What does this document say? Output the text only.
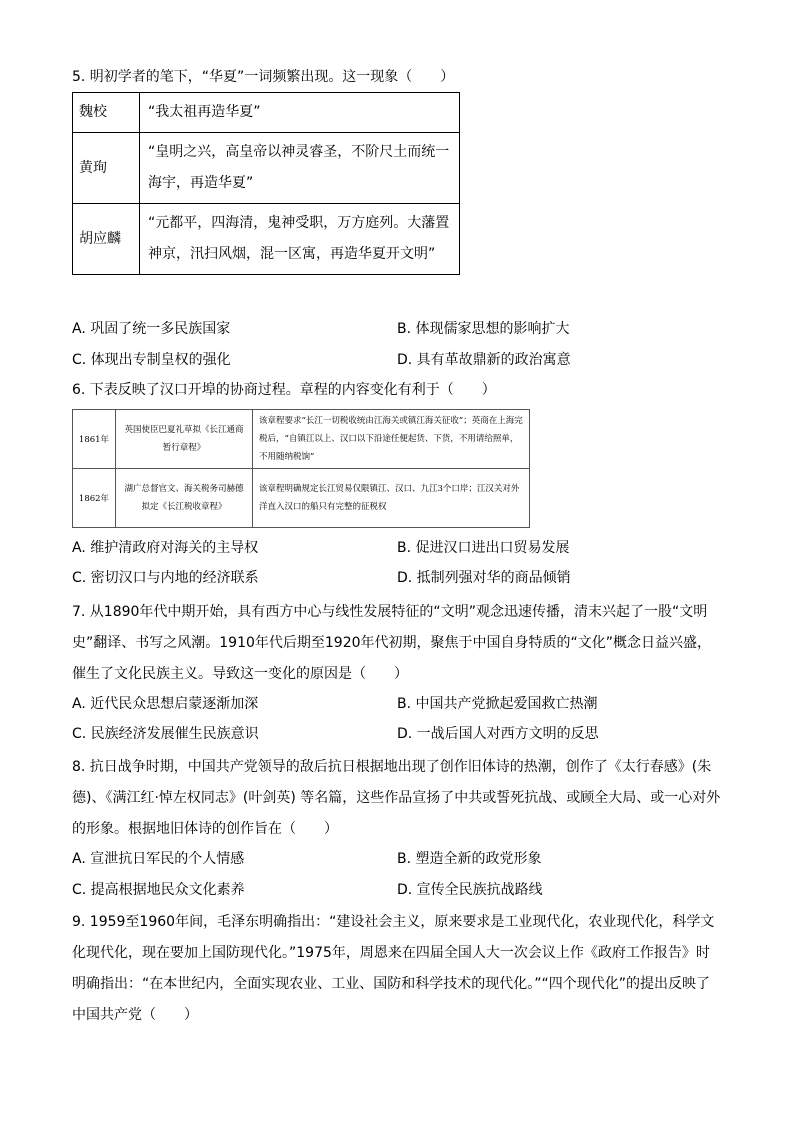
5. 明初学者的笔下，“华夏”一词频繁出现。这一现象（　　）
魏校	“我太祖再造华夏”
黄珣	“皇明之兴，高皇帝以神灵睿圣，不阶尺土而统一海宇，再造华夏”
胡应麟	“元都平，四海清，鬼神受职，万方庭列。大藩置神京，汛扫风烟，混一区寓，再造华夏开文明”
A. 巩固了统一多民族国家	B. 体现儒家思想的影响扩大
C. 体现出专制皇权的强化	D. 具有革故鼎新的政治寓意
6. 下表反映了汉口开埠的协商过程。章程的内容变化有利于（　　）
1861年	英国使臣巴夏礼草拟《长江通商暂行章程》	该章程要求“长江一切税收统由江海关或镇江海关征收”；英商在上海完税后，“自镇江以上、汉口以下沿途任便起货、下货，不用请给照单，不用随纳税饷”
1862年	湖广总督官文、海关税务司赫德拟定《长江税收章程》	该章程明确规定长江贸易仅限镇江、汉口、九江3个口岸；江汉关对外洋直入汉口的船只有完整的征税权
A. 维护清政府对海关的主导权	B. 促进汉口进出口贸易发展
C. 密切汉口与内地的经济联系	D. 抵制列强对华的商品倾销
7. 从1890年代中期开始，具有西方中心与线性发展特征的“文明”观念迅速传播，清末兴起了一股“文明史”翻译、书写之风潮。1910年代后期至1920年代初期，聚焦于中国自身特质的“文化”概念日益兴盛，催生了文化民族主义。导致这一变化的原因是（　　）
A. 近代民众思想启蒙逐渐加深	B. 中国共产党掀起爱国救亡热潮
C. 民族经济发展催生民族意识	D. 一战后国人对西方文明的反思
8. 抗日战争时期，中国共产党领导的敌后抗日根据地出现了创作旧体诗的热潮，创作了《太行春感》(朱德)、《满江红·悼左权同志》(叶剑英) 等名篇，这些作品宣扬了中共或誓死抗战、或顾全大局、或一心对外的形象。根据地旧体诗的创作旨在（　　）
A. 宣泄抗日军民的个人情感	B. 塑造全新的政党形象
C. 提高根据地民众文化素养	D. 宣传全民族抗战路线
9. 1959至1960年间，毛泽东明确指出：“建设社会主义，原来要求是工业现代化，农业现代化，科学文化现代化，现在要加上国防现代化。”1975年，周恩来在四届全国人大一次会议上作《政府工作报告》时明确指出：“在本世纪内，全面实现农业、工业、国防和科学技术的现代化。”“四个现代化”的提出反映了中国共产党（　　）
